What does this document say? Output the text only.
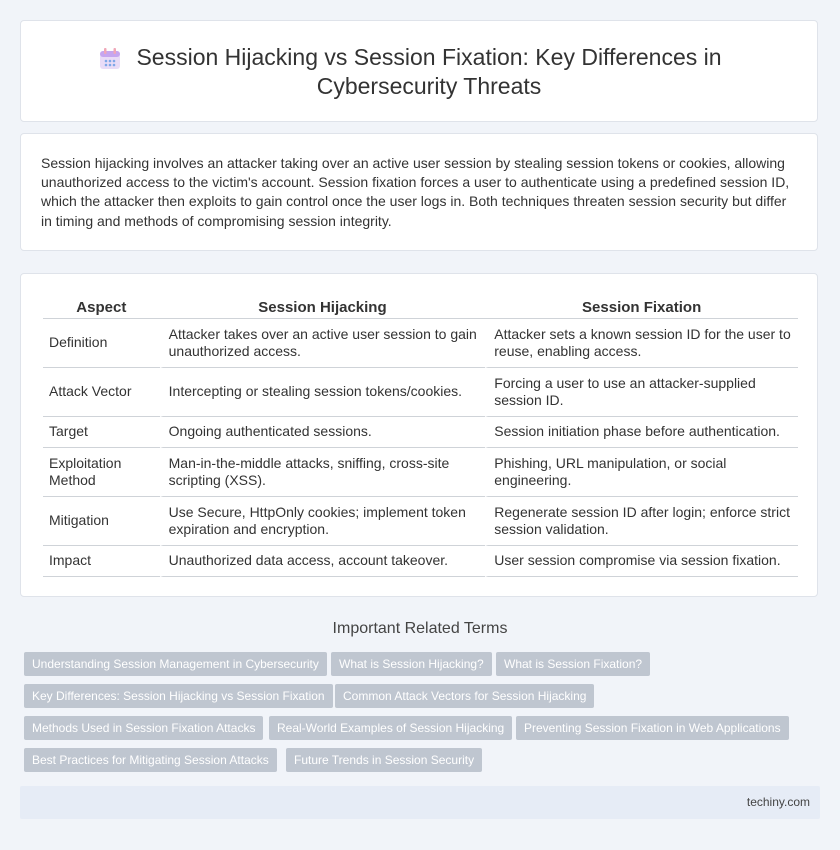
Session Hijacking vs Session Fixation: Key Differences in Cybersecurity Threats
Session hijacking involves an attacker taking over an active user session by stealing session tokens or cookies, allowing unauthorized access to the victim's account. Session fixation forces a user to authenticate using a predefined session ID, which the attacker then exploits to gain control once the user logs in. Both techniques threaten session security but differ in timing and methods of compromising session integrity.
Aspect	Session Hijacking	Session Fixation
Definition	Attacker takes over an active user session to gain unauthorized access.	Attacker sets a known session ID for the user to reuse, enabling access.
Attack Vector	Intercepting or stealing session tokens/cookies.	Forcing a user to use an attacker-supplied session ID.
Target	Ongoing authenticated sessions.	Session initiation phase before authentication.
Exploitation Method	Man-in-the-middle attacks, sniffing, cross-site scripting (XSS).	Phishing, URL manipulation, or social engineering.
Mitigation	Use Secure, HttpOnly cookies; implement token expiration and encryption.	Regenerate session ID after login; enforce strict session validation.
Impact	Unauthorized data access, account takeover.	User session compromise via session fixation.
Important Related Terms
Understanding Session Management in Cybersecurity	What is Session Hijacking?	What is Session Fixation?
Key Differences: Session Hijacking vs Session Fixation	Common Attack Vectors for Session Hijacking
Methods Used in Session Fixation Attacks	Real-World Examples of Session Hijacking	Preventing Session Fixation in Web Applications
Best Practices for Mitigating Session Attacks	Future Trends in Session Security
techiny.com
